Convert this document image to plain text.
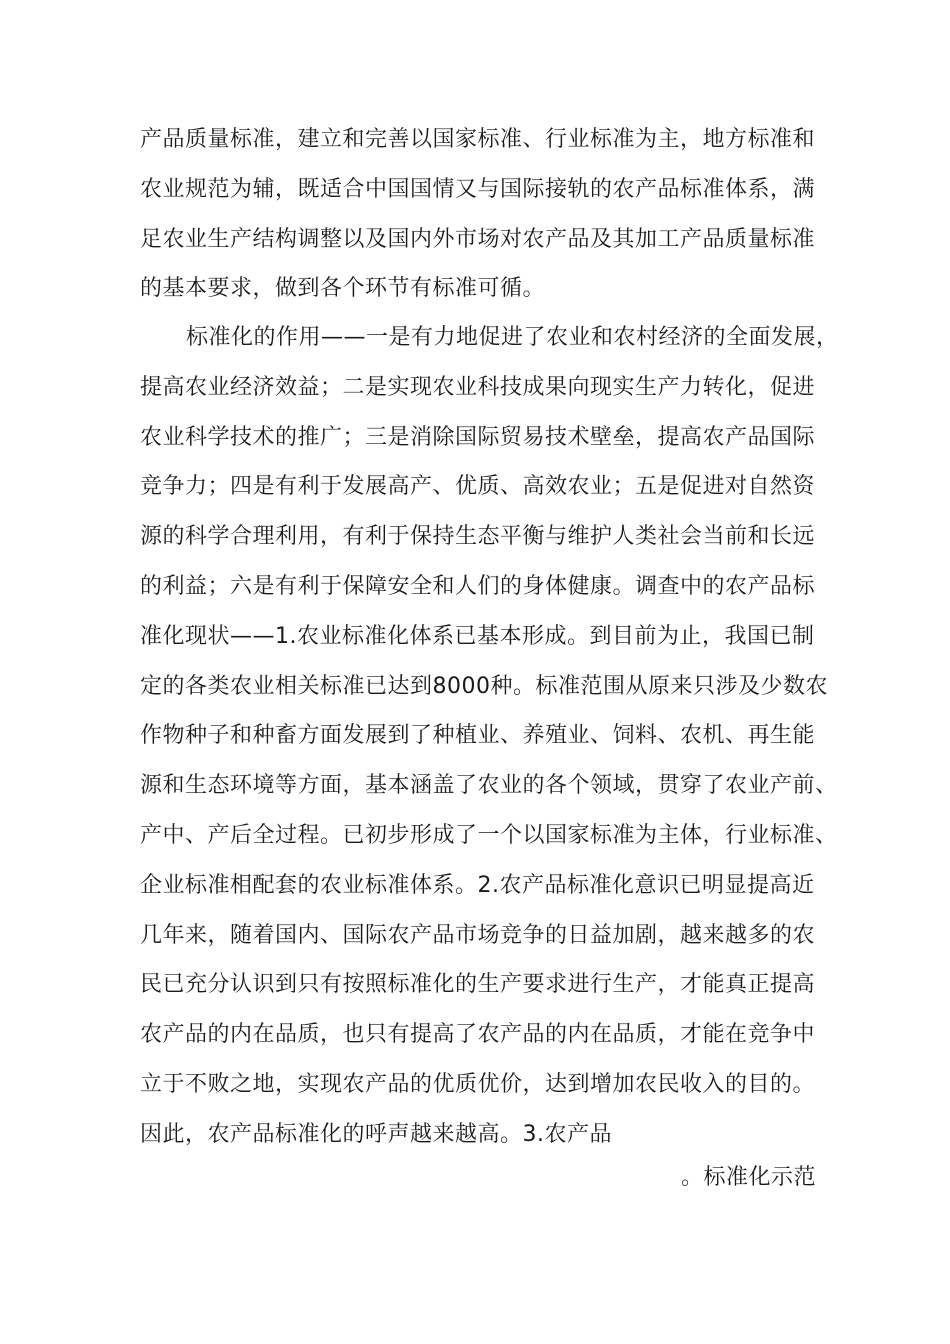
产品质量标准，建立和完善以国家标准、行业标准为主，地方标准和
农业规范为辅，既适合中国国情又与国际接轨的农产品标准体系，满
足农业生产结构调整以及国内外市场对农产品及其加工产品质量标准
的基本要求，做到各个环节有标准可循。
标准化的作用——一是有力地促进了农业和农村经济的全面发展，
提高农业经济效益；二是实现农业科技成果向现实生产力转化，促进
农业科学技术的推广；三是消除国际贸易技术壁垒，提高农产品国际
竞争力；四是有利于发展高产、优质、高效农业；五是促进对自然资
源的科学合理利用，有利于保持生态平衡与维护人类社会当前和长远
的利益；六是有利于保障安全和人们的身体健康。调查中的农产品标
准化现状——1.农业标准化体系已基本形成。到目前为止，我国已制
定的各类农业相关标准已达到8000种。标准范围从原来只涉及少数农
作物种子和种畜方面发展到了种植业、养殖业、饲料、农机、再生能
源和生态环境等方面，基本涵盖了农业的各个领域，贯穿了农业产前、
产中、产后全过程。已初步形成了一个以国家标准为主体，行业标准、
企业标准相配套的农业标准体系。2.农产品标准化意识已明显提高近
几年来，随着国内、国际农产品市场竞争的日益加剧，越来越多的农
民已充分认识到只有按照标准化的生产要求进行生产，才能真正提高
农产品的内在品质，也只有提高了农产品的内在品质，才能在竞争中
立于不败之地，实现农产品的优质优价，达到增加农民收入的目的。
因此，农产品标准化的呼声越来越高。3.农产品
。标准化示范
